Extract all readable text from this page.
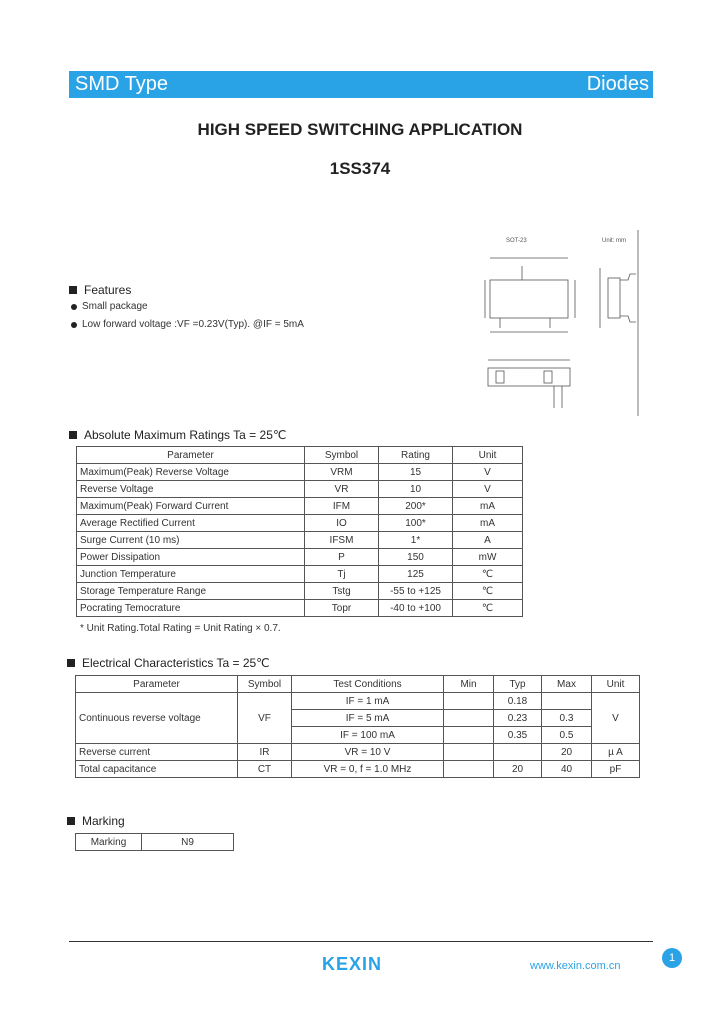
SMD Type	Diodes
HIGH SPEED SWITCHING APPLICATION
1SS374
SOT-23	Unit: mm
Features
Small package
Low forward voltage :VF =0.23V(Typ). @IF = 5mA
Absolute Maximum Ratings Ta = 25℃
Parameter	Symbol	Rating	Unit
Maximum(Peak) Reverse Voltage	VRM	15	V
Reverse Voltage	VR	10	V
Maximum(Peak) Forward Current	IFM	200*	mA
Average Rectified Current	IO	100*	mA
Surge Current (10 ms)	IFSM	1*	A
Power Dissipation	P	150	mW
Junction Temperature	Tj	125	℃
Storage Temperature Range	Tstg	-55 to +125	℃
Pocrating Temocrature	Topr	-40 to +100	℃
* Unit Rating.Total Rating = Unit Rating × 0.7.
Electrical Characteristics Ta = 25℃
Parameter	Symbol	Test Conditions	Min	Typ	Max	Unit
Continuous reverse voltage	VF	IF = 1 mA		0.18		V
		IF = 5 mA		0.23	0.3	
		IF = 100 mA		0.35	0.5	
Reverse current	IR	VR = 10 V			20	µ A
Total capacitance	CT	VR = 0, f = 1.0 MHz		20	40	pF
Marking
Marking	N9
KEXIN	www.kexin.com.cn
1
